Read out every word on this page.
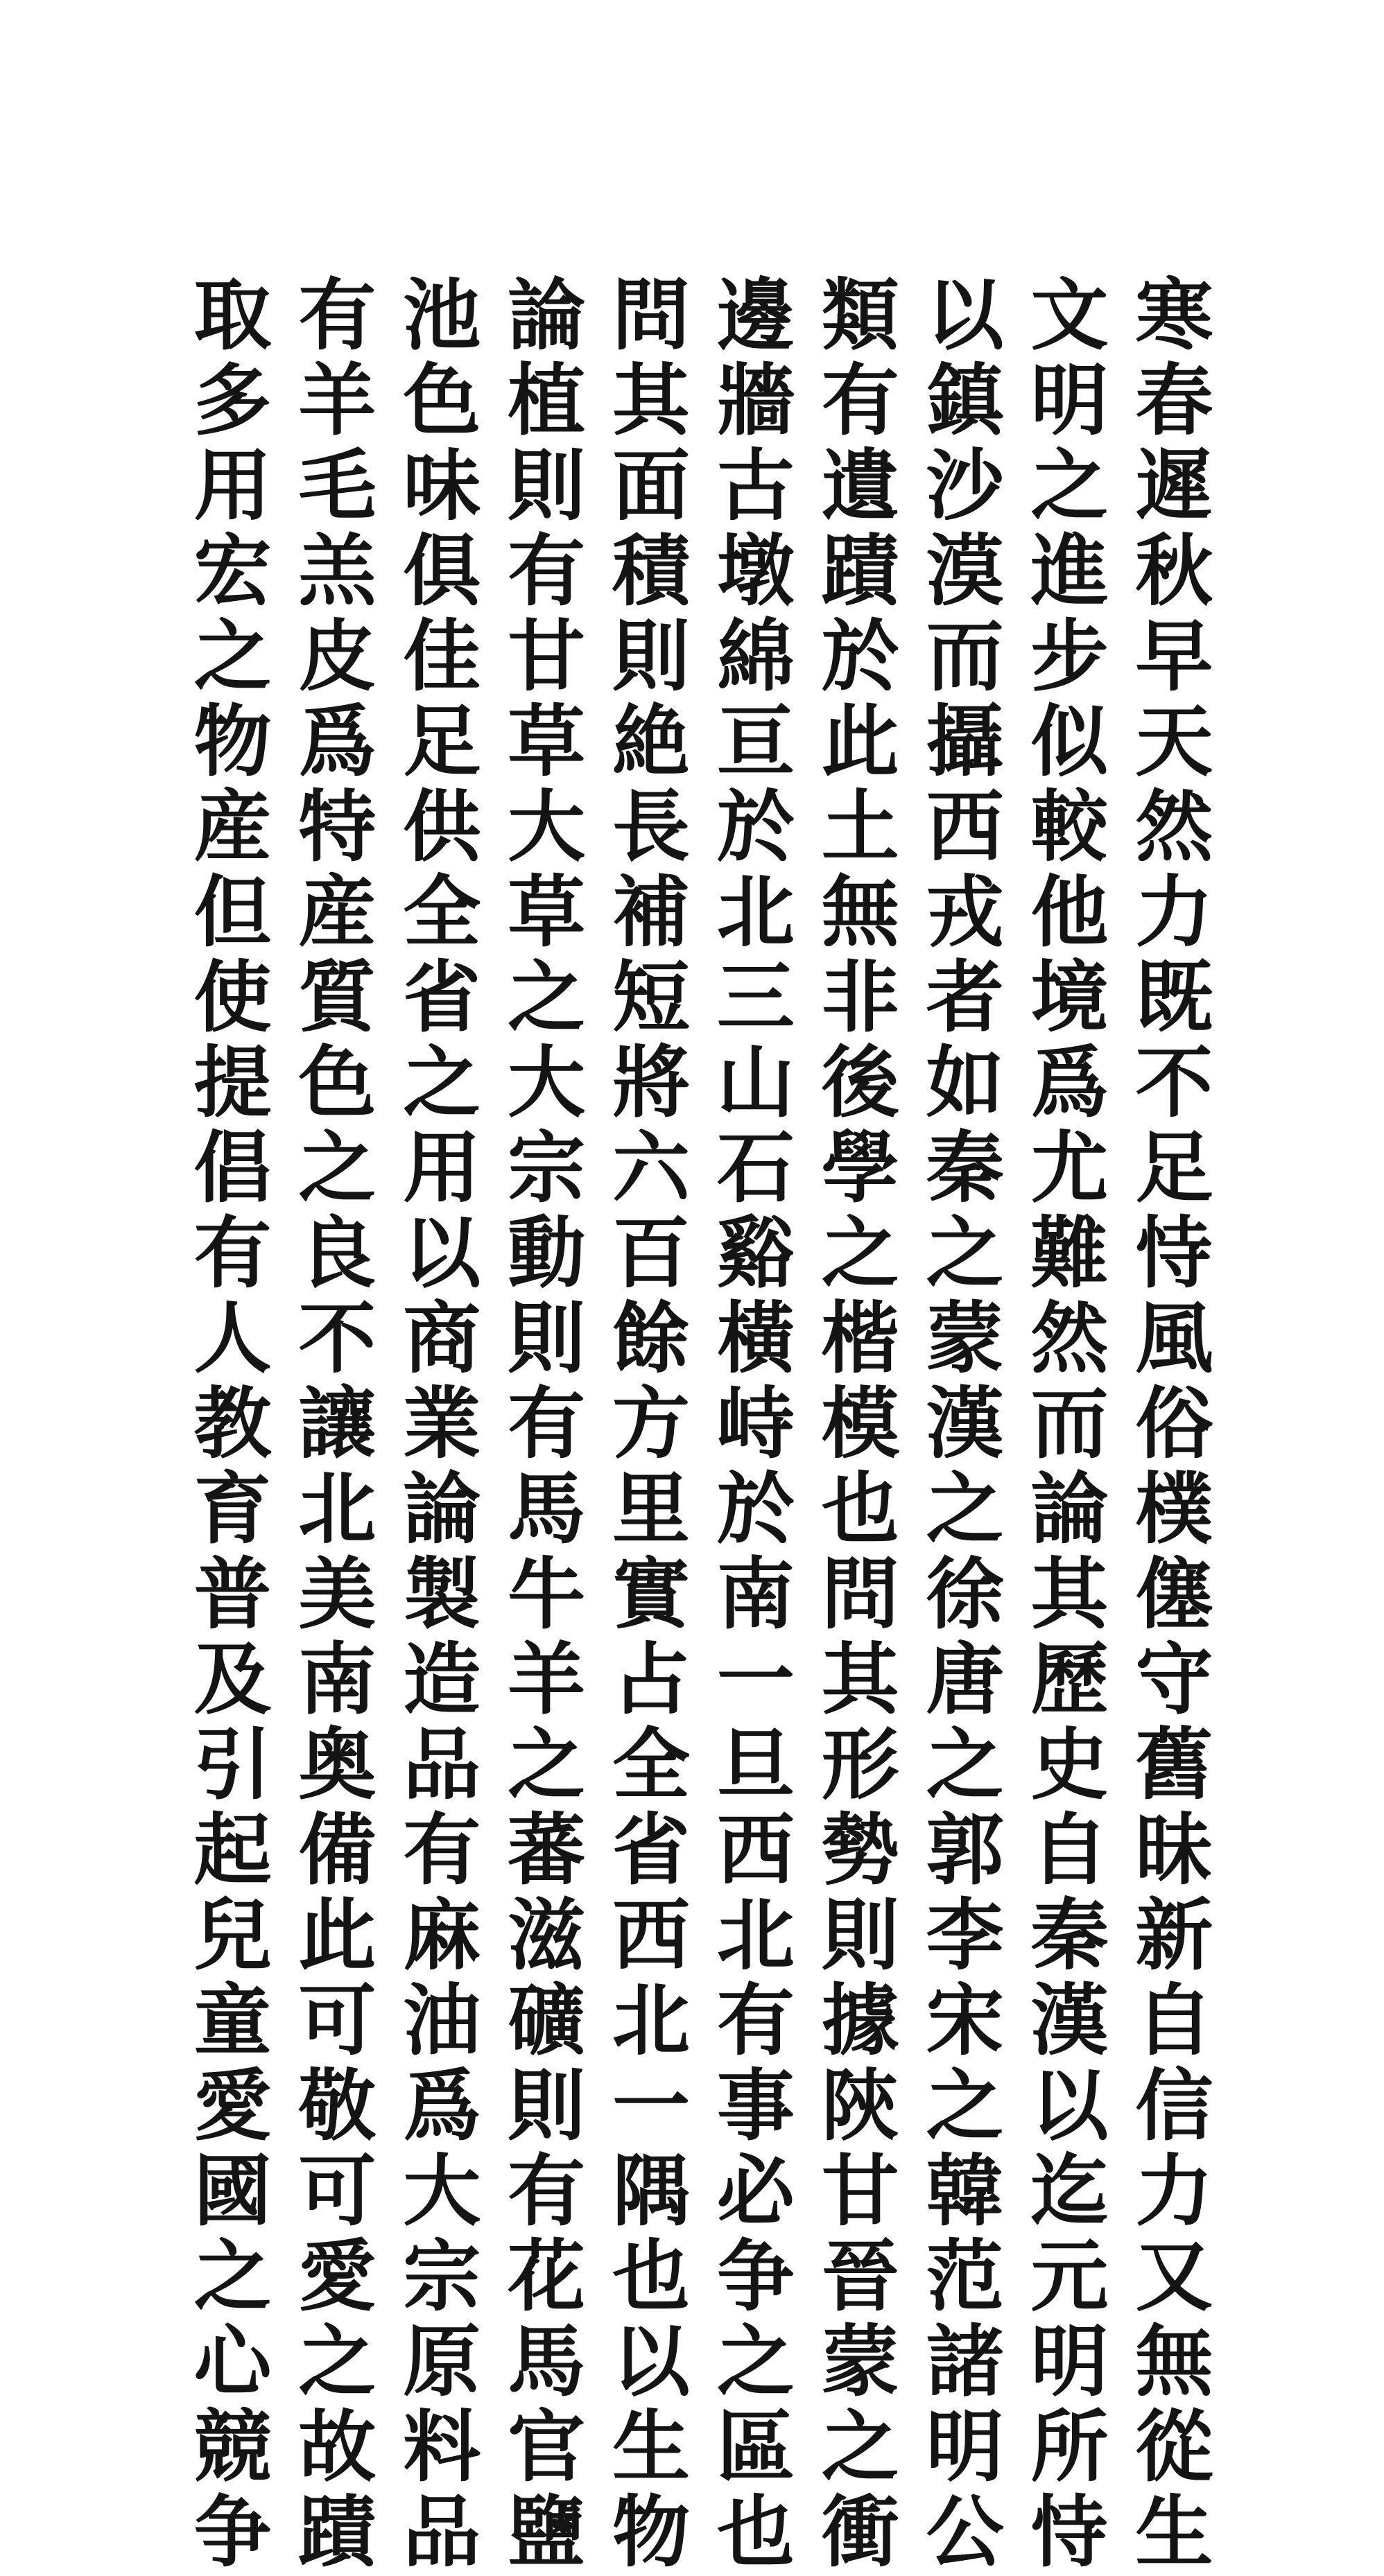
寒春遲秋早天然力既不足恃風俗樸僿守舊昧新自信力又無從生
文明之進步似較他境爲尤難然而論其歷史自秦漢以迄元明所恃
以鎮沙漠而攝西戎者如秦之蒙漢之徐唐之郭李宋之韓范諸明公
類有遺蹟於此土無非後學之楷模也問其形勢則據陝甘晉蒙之衝
邊牆古墩綿亘於北三山石谿橫峙於南一旦西北有事必争之區也
問其面積則絶長補短將六百餘方里實占全省西北一隅也以生物
論植則有甘草大草之大宗動則有馬牛羊之蕃滋礦則有花馬官鹽
池色味俱佳足供全省之用以商業論製造品有麻油爲大宗原料品
有羊毛羔皮爲特産質色之良不讓北美南奥備此可敬可愛之故蹟
取多用宏之物産但使提倡有人教育普及引起兒童愛國之心競争
